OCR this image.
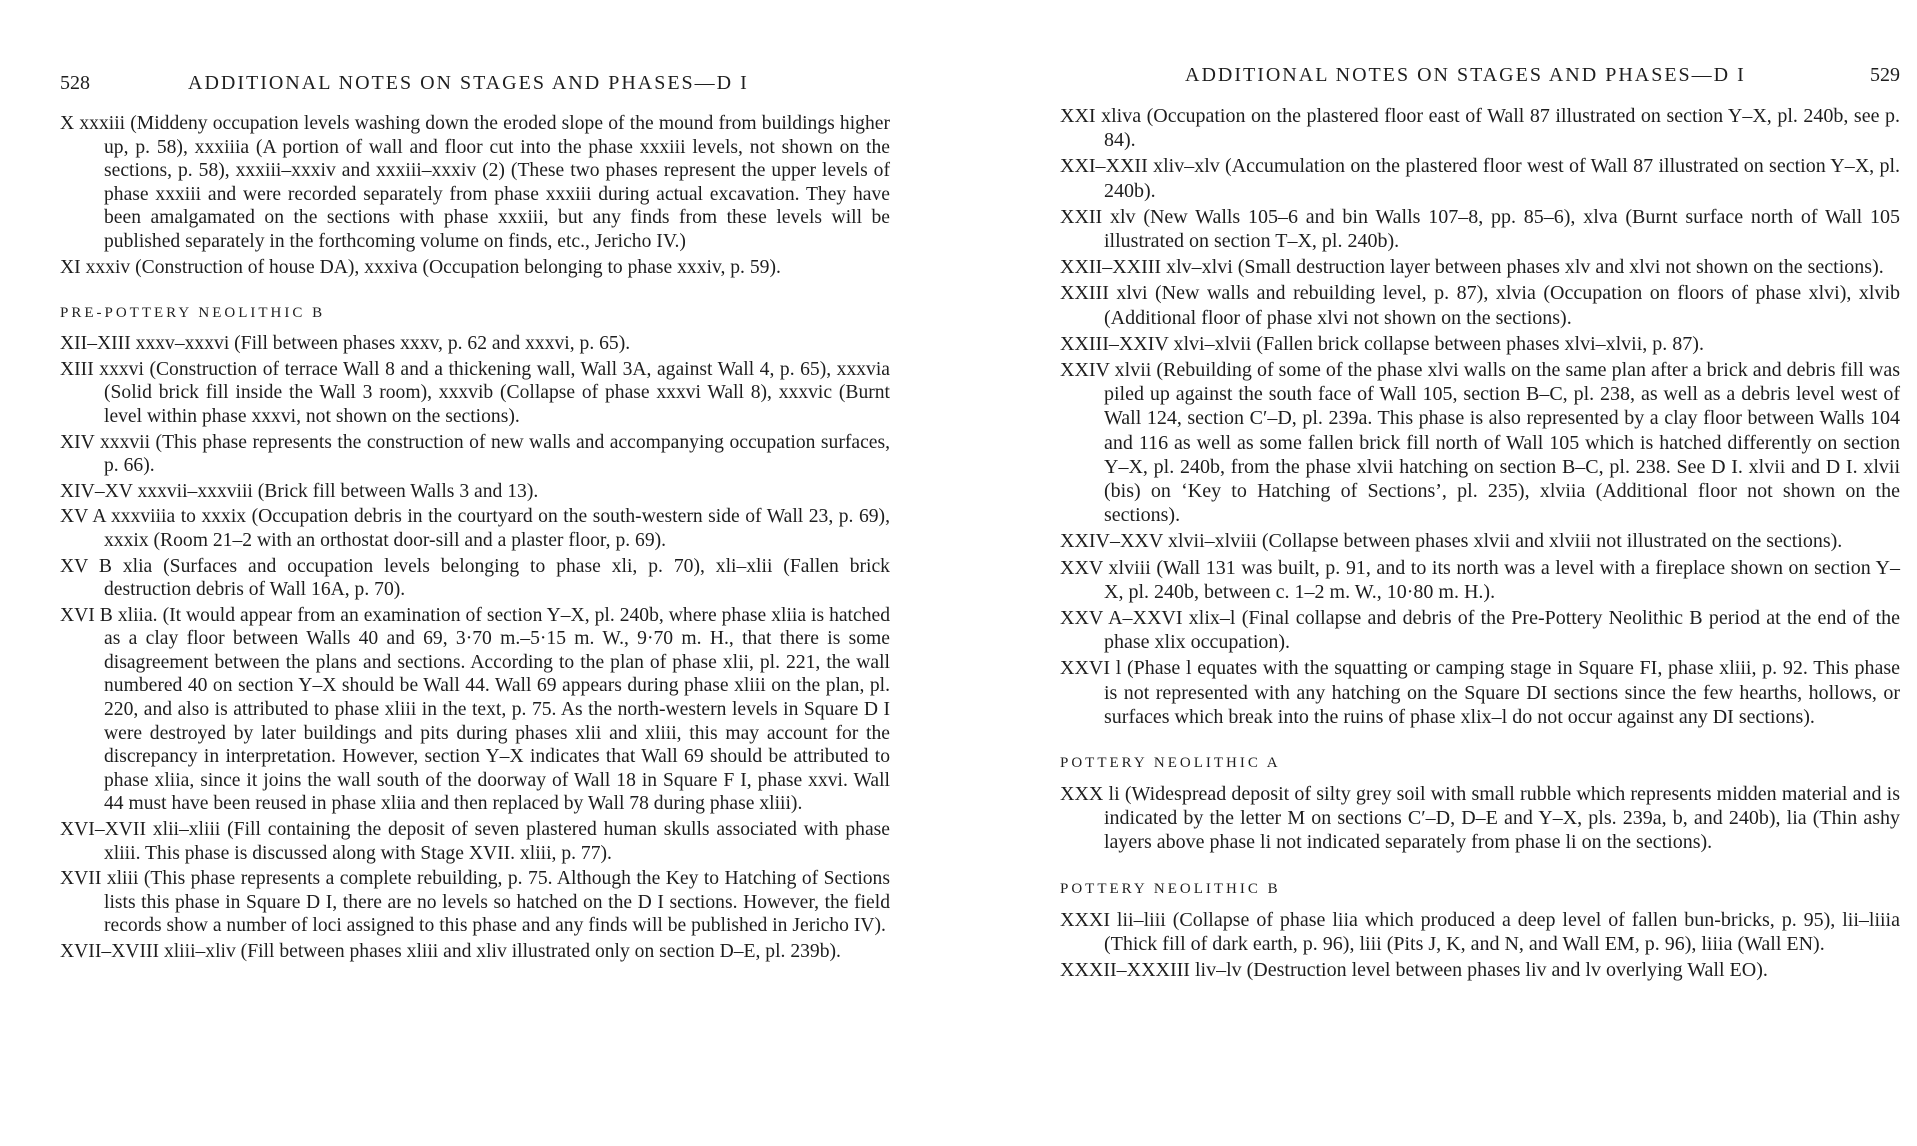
528	ADDITIONAL NOTES ON STAGES AND PHASES—D I
X xxxiii (Middeny occupation levels washing down the eroded slope of the mound from buildings higher up, p. 58), xxxiiia (A portion of wall and floor cut into the phase xxxiii levels, not shown on the sections, p. 58), xxxiii–xxxiv and xxxiii–xxxiv (2) (These two phases represent the upper levels of phase xxxiii and were recorded separately from phase xxxiii during actual excavation. They have been amalgamated on the sections with phase xxxiii, but any finds from these levels will be published separately in the forthcoming volume on finds, etc., Jericho IV.)
XI xxxiv (Construction of house DA), xxxiva (Occupation belonging to phase xxxiv, p. 59).
PRE-POTTERY NEOLITHIC B
XII–XIII xxxv–xxxvi (Fill between phases xxxv, p. 62 and xxxvi, p. 65).
XIII xxxvi (Construction of terrace Wall 8 and a thickening wall, Wall 3A, against Wall 4, p. 65), xxxvia (Solid brick fill inside the Wall 3 room), xxxvib (Collapse of phase xxxvi Wall 8), xxxvic (Burnt level within phase xxxvi, not shown on the sections).
XIV xxxvii (This phase represents the construction of new walls and accompanying occupation surfaces, p. 66).
XIV–XV xxxvii–xxxviii (Brick fill between Walls 3 and 13).
XV A xxxviiia to xxxix (Occupation debris in the courtyard on the south-western side of Wall 23, p. 69), xxxix (Room 21–2 with an orthostat door-sill and a plaster floor, p. 69).
XV B xlia (Surfaces and occupation levels belonging to phase xli, p. 70), xli–xlii (Fallen brick destruction debris of Wall 16A, p. 70).
XVI B xliia. (It would appear from an examination of section Y–X, pl. 240b, where phase xliia is hatched as a clay floor between Walls 40 and 69, 3·70 m.–5·15 m. W., 9·70 m. H., that there is some disagreement between the plans and sections. According to the plan of phase xlii, pl. 221, the wall numbered 40 on section Y–X should be Wall 44. Wall 69 appears during phase xliii on the plan, pl. 220, and also is attributed to phase xliii in the text, p. 75. As the north-western levels in Square D I were destroyed by later buildings and pits during phases xlii and xliii, this may account for the discrepancy in interpretation. However, section Y–X indicates that Wall 69 should be attributed to phase xliia, since it joins the wall south of the doorway of Wall 18 in Square F I, phase xxvi. Wall 44 must have been reused in phase xliia and then replaced by Wall 78 during phase xliii).
XVI–XVII xlii–xliii (Fill containing the deposit of seven plastered human skulls associated with phase xliii. This phase is discussed along with Stage XVII. xliii, p. 77).
XVII xliii (This phase represents a complete rebuilding, p. 75. Although the Key to Hatching of Sections lists this phase in Square D I, there are no levels so hatched on the D I sections. However, the field records show a number of loci assigned to this phase and any finds will be published in Jericho IV).
XVII–XVIII xliii–xliv (Fill between phases xliii and xliv illustrated only on section D–E, pl. 239b).
ADDITIONAL NOTES ON STAGES AND PHASES—D I	529
XXI xliva (Occupation on the plastered floor east of Wall 87 illustrated on section Y–X, pl. 240b, see p. 84).
XXI–XXII xliv–xlv (Accumulation on the plastered floor west of Wall 87 illustrated on section Y–X, pl. 240b).
XXII xlv (New Walls 105–6 and bin Walls 107–8, pp. 85–6), xlva (Burnt surface north of Wall 105 illustrated on section T–X, pl. 240b).
XXII–XXIII xlv–xlvi (Small destruction layer between phases xlv and xlvi not shown on the sections).
XXIII xlvi (New walls and rebuilding level, p. 87), xlvia (Occupation on floors of phase xlvi), xlvib (Additional floor of phase xlvi not shown on the sections).
XXIII–XXIV xlvi–xlvii (Fallen brick collapse between phases xlvi–xlvii, p. 87).
XXIV xlvii (Rebuilding of some of the phase xlvi walls on the same plan after a brick and debris fill was piled up against the south face of Wall 105, section B–C, pl. 238, as well as a debris level west of Wall 124, section C′–D, pl. 239a. This phase is also represented by a clay floor between Walls 104 and 116 as well as some fallen brick fill north of Wall 105 which is hatched differently on section Y–X, pl. 240b, from the phase xlvii hatching on section B–C, pl. 238. See D I. xlvii and D I. xlvii (bis) on ‘Key to Hatching of Sections’, pl. 235), xlviia (Additional floor not shown on the sections).
XXIV–XXV xlvii–xlviii (Collapse between phases xlvii and xlviii not illustrated on the sections).
XXV xlviii (Wall 131 was built, p. 91, and to its north was a level with a fireplace shown on section Y–X, pl. 240b, between c. 1–2 m. W., 10·80 m. H.).
XXV A–XXVI xlix–l (Final collapse and debris of the Pre-Pottery Neolithic B period at the end of the phase xlix occupation).
XXVI l (Phase l equates with the squatting or camping stage in Square FI, phase xliii, p. 92. This phase is not represented with any hatching on the Square DI sections since the few hearths, hollows, or surfaces which break into the ruins of phase xlix–l do not occur against any DI sections).
POTTERY NEOLITHIC A
XXX li (Widespread deposit of silty grey soil with small rubble which represents midden material and is indicated by the letter M on sections C′–D, D–E and Y–X, pls. 239a, b, and 240b), lia (Thin ashy layers above phase li not indicated separately from phase li on the sections).
POTTERY NEOLITHIC B
XXXI lii–liii (Collapse of phase liia which produced a deep level of fallen bun-bricks, p. 95), lii–liiia (Thick fill of dark earth, p. 96), liii (Pits J, K, and N, and Wall EM, p. 96), liiia (Wall EN).
XXXII–XXXIII liv–lv (Destruction level between phases liv and lv overlying Wall EO).
